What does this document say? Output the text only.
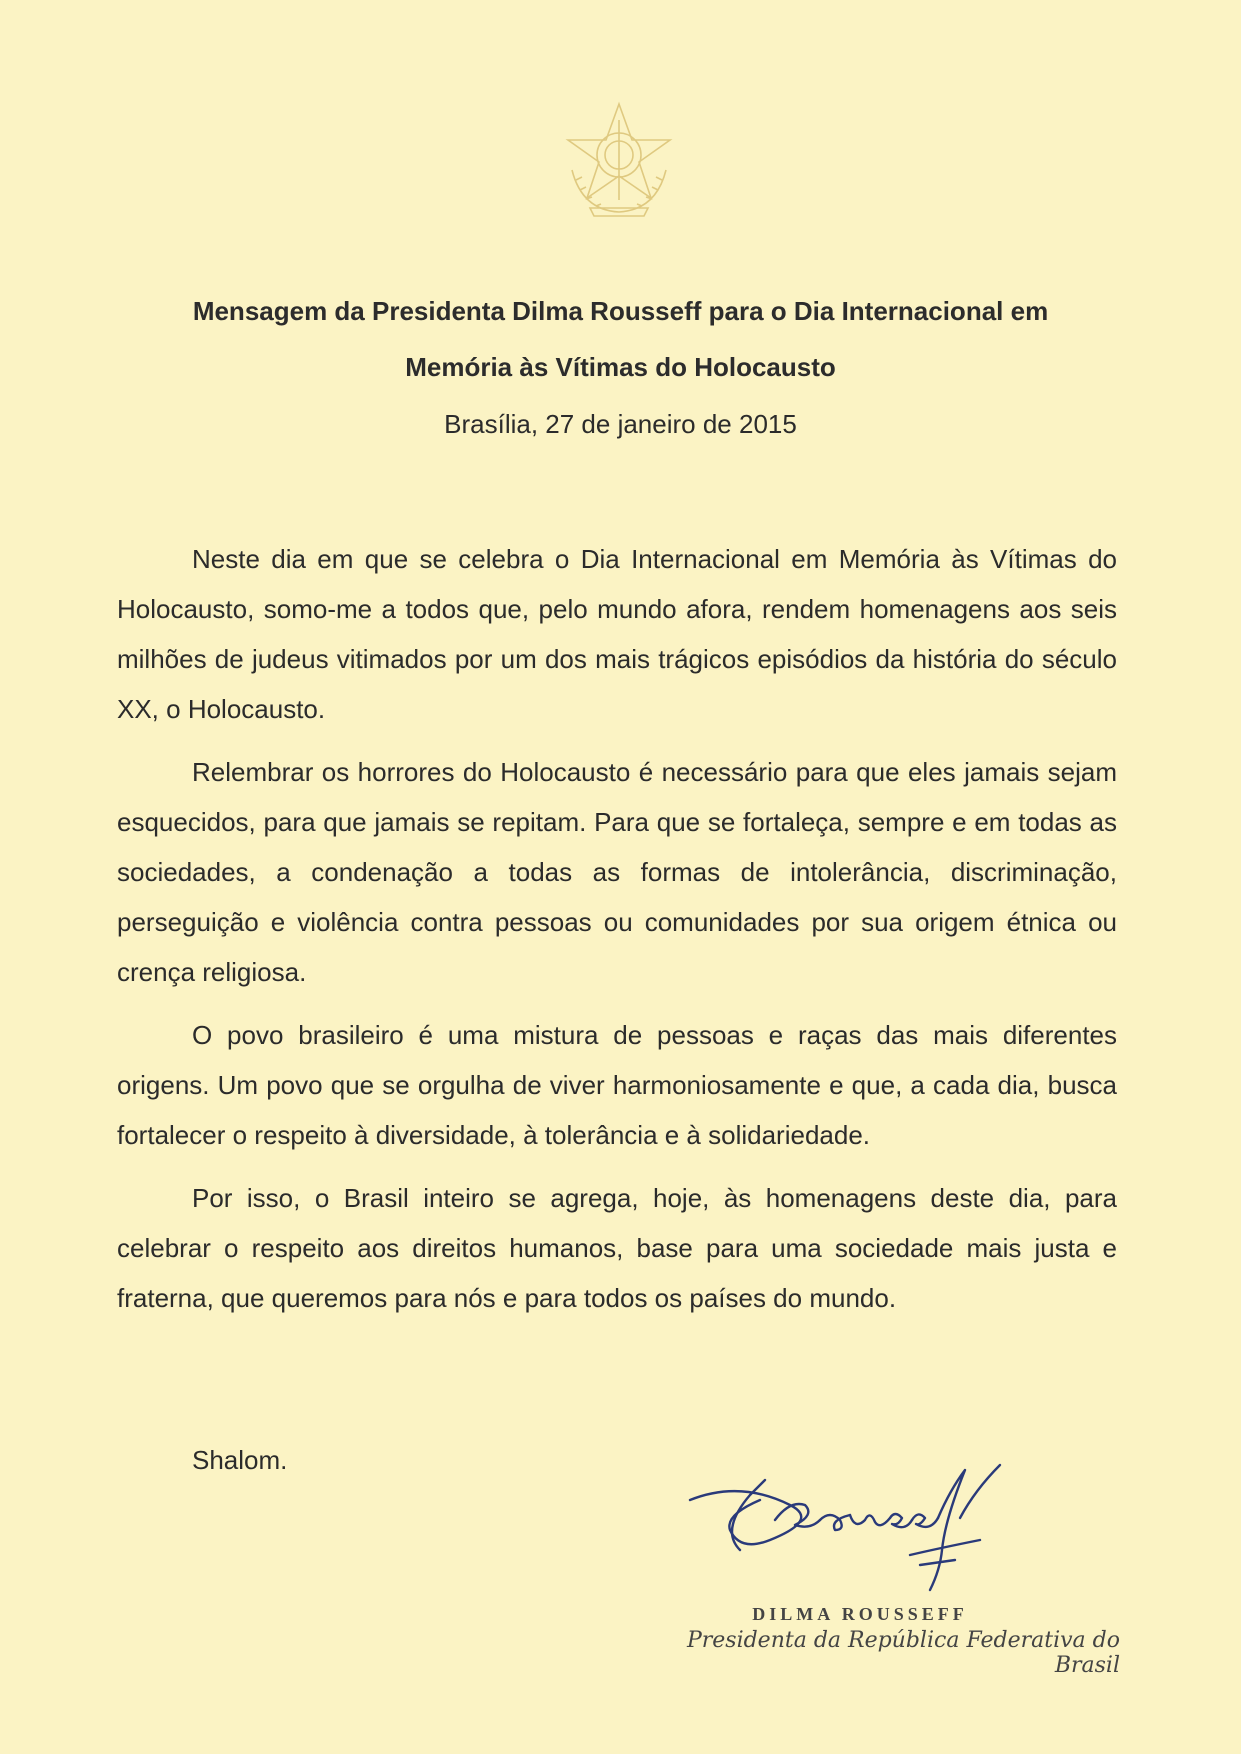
Mensagem da Presidenta Dilma Rousseff para o Dia Internacional em
Memória às Vítimas do Holocausto
Brasília, 27 de janeiro de 2015

Neste dia em que se celebra o Dia Internacional em Memória às Vítimas do Holocausto, somo-me a todos que, pelo mundo afora, rendem homenagens aos seis milhões de judeus vitimados por um dos mais trágicos episódios da história do século XX, o Holocausto.

Relembrar os horrores do Holocausto é necessário para que eles jamais sejam esquecidos, para que jamais se repitam. Para que se fortaleça, sempre e em todas as sociedades, a condenação a todas as formas de intolerância, discriminação, perseguição e violência contra pessoas ou comunidades por sua origem étnica ou crença religiosa.

O povo brasileiro é uma mistura de pessoas e raças das mais diferentes origens. Um povo que se orgulha de viver harmoniosamente e que, a cada dia, busca fortalecer o respeito à diversidade, à tolerância e à solidariedade.

Por isso, o Brasil inteiro se agrega, hoje, às homenagens deste dia, para celebrar o respeito aos direitos humanos, base para uma sociedade mais justa e fraterna, que queremos para nós e para todos os países do mundo.

Shalom.
DILMA ROUSSEFF
Presidenta da República Federativa do Brasil
